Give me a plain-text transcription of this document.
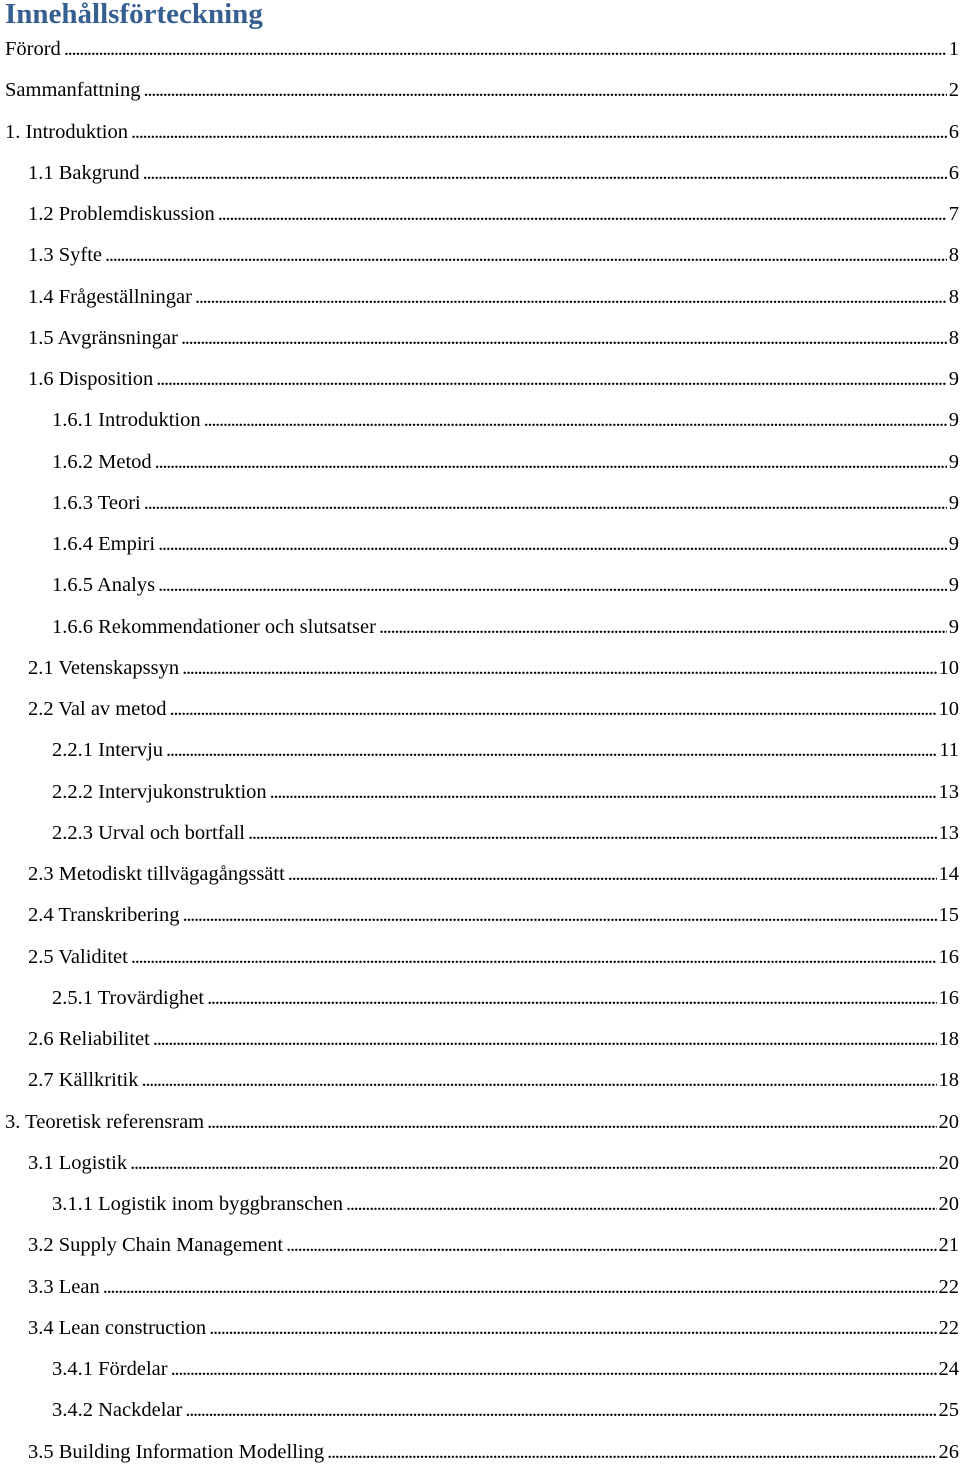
Innehållsförteckning
Förord . . .	1
Sammanfattning . . .	2
1. Introduktion . . .	6
1.1 Bakgrund . . .	6
1.2 Problemdiskussion . . .	7
1.3 Syfte . . .	8
1.4 Frågeställningar . . .	8
1.5 Avgränsningar . . .	8
1.6 Disposition . . .	9
1.6.1 Introduktion . . .	9
1.6.2 Metod . . .	9
1.6.3 Teori . . .	9
1.6.4 Empiri . . .	9
1.6.5 Analys . . .	9
1.6.6 Rekommendationer och slutsatser . . .	9
2.1 Vetenskapssyn . . .	10
2.2 Val av metod . . .	10
2.2.1 Intervju . . .	11
2.2.2 Intervjukonstruktion . . .	13
2.2.3 Urval och bortfall . . .	13
2.3 Metodiskt tillvägagångssätt . . .	14
2.4 Transkribering . . .	15
2.5 Validitet . . .	16
2.5.1 Trovärdighet . . .	16
2.6 Reliabilitet . . .	18
2.7 Källkritik . . .	18
3. Teoretisk referensram . . .	20
3.1 Logistik . . .	20
3.1.1 Logistik inom byggbranschen . . .	20
3.2 Supply Chain Management . . .	21
3.3 Lean . . .	22
3.4 Lean construction . . .	22
3.4.1 Fördelar . . .	24
3.4.2 Nackdelar . . .	25
3.5 Building Information Modelling . . .	26
